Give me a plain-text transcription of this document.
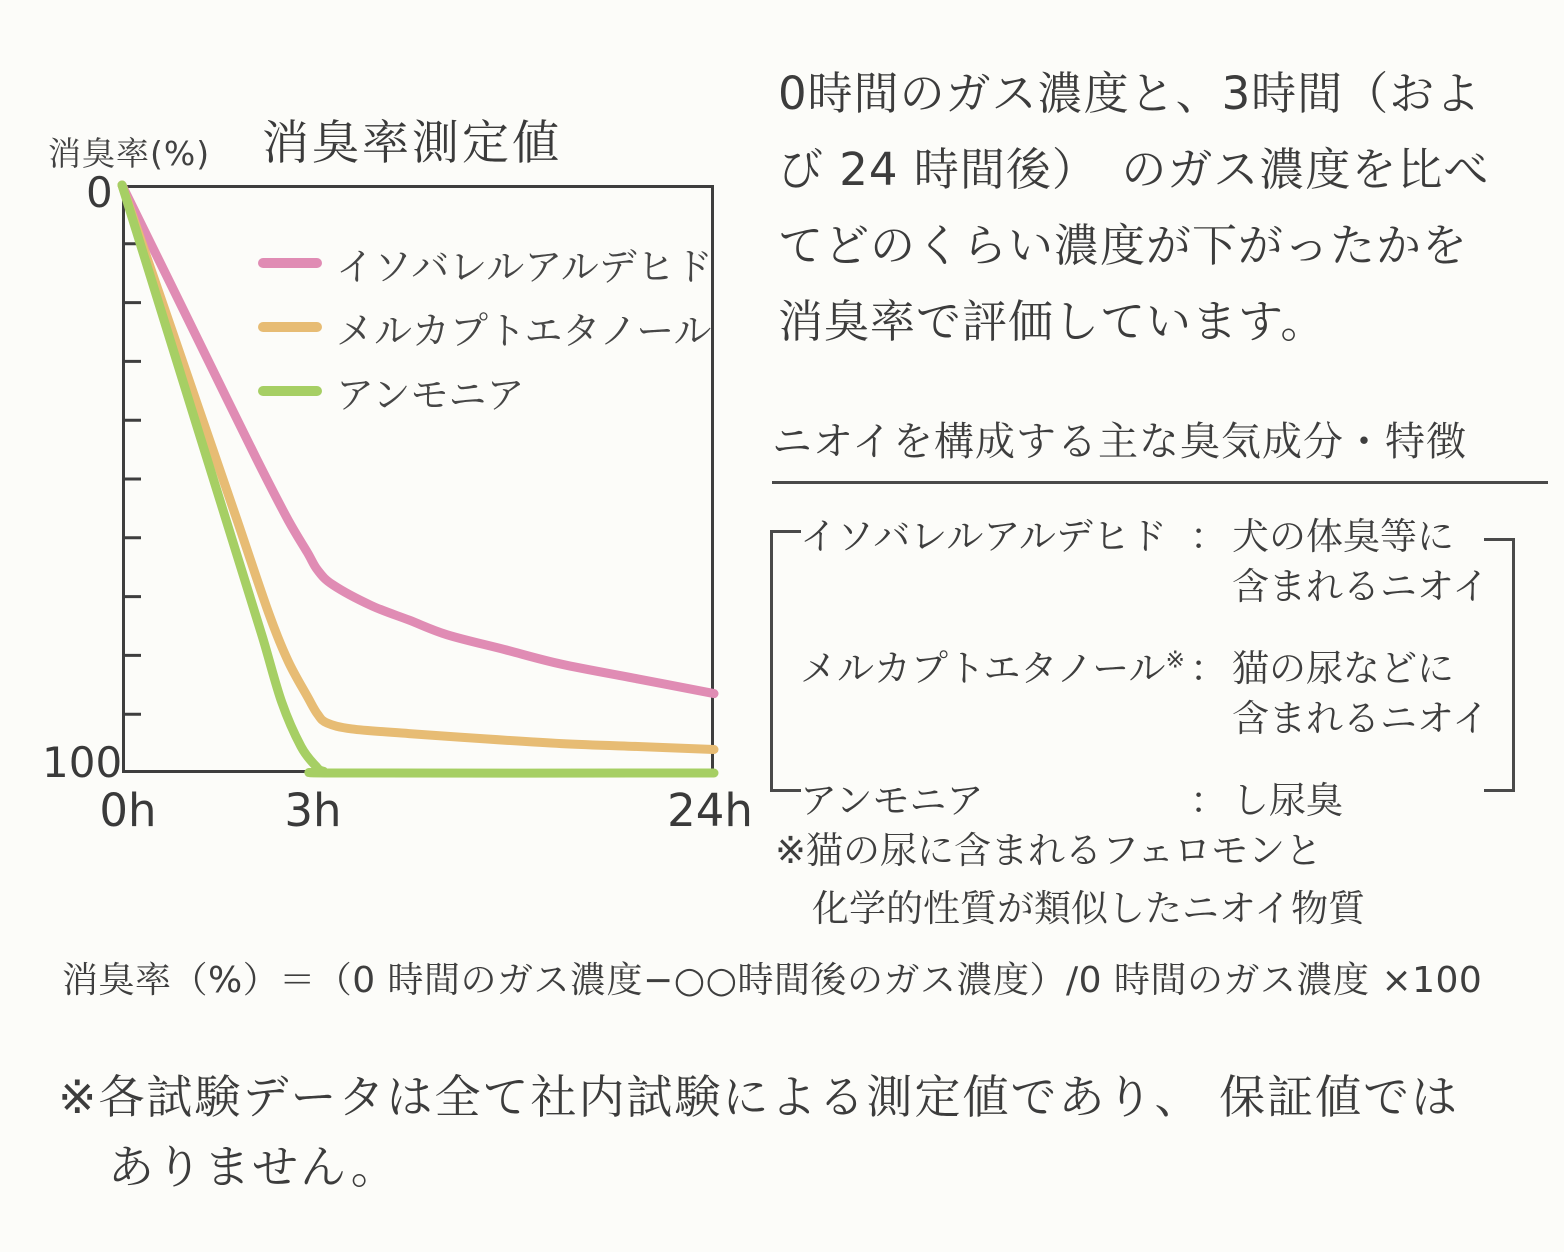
消臭率(%) 消臭率測定値
0
100
0h	3h	24h
イソバレルアルデヒド
メルカプトエタノール
アンモニア
0時間のガス濃度と、3時間（およ
び 24 時間後）　のガス濃度を比べ
てどのくらい濃度が下がったかを
消臭率で評価しています。
ニオイを構成する主な臭気成分・特徴
イソバレルアルデヒド ： 犬の体臭等に
含まれるニオイ
メルカプトエタノール※ ： 猫の尿などに
含まれるニオイ
アンモニア	： し尿臭
※猫の尿に含まれるフェロモンと
　化学的性質が類似したニオイ物質
消臭率（%）＝（0 時間のガス濃度−○○時間後のガス濃度）/0 時間のガス濃度 ×100
※各試験データは全て社内試験による測定値であり、 保証値では
ありません。
